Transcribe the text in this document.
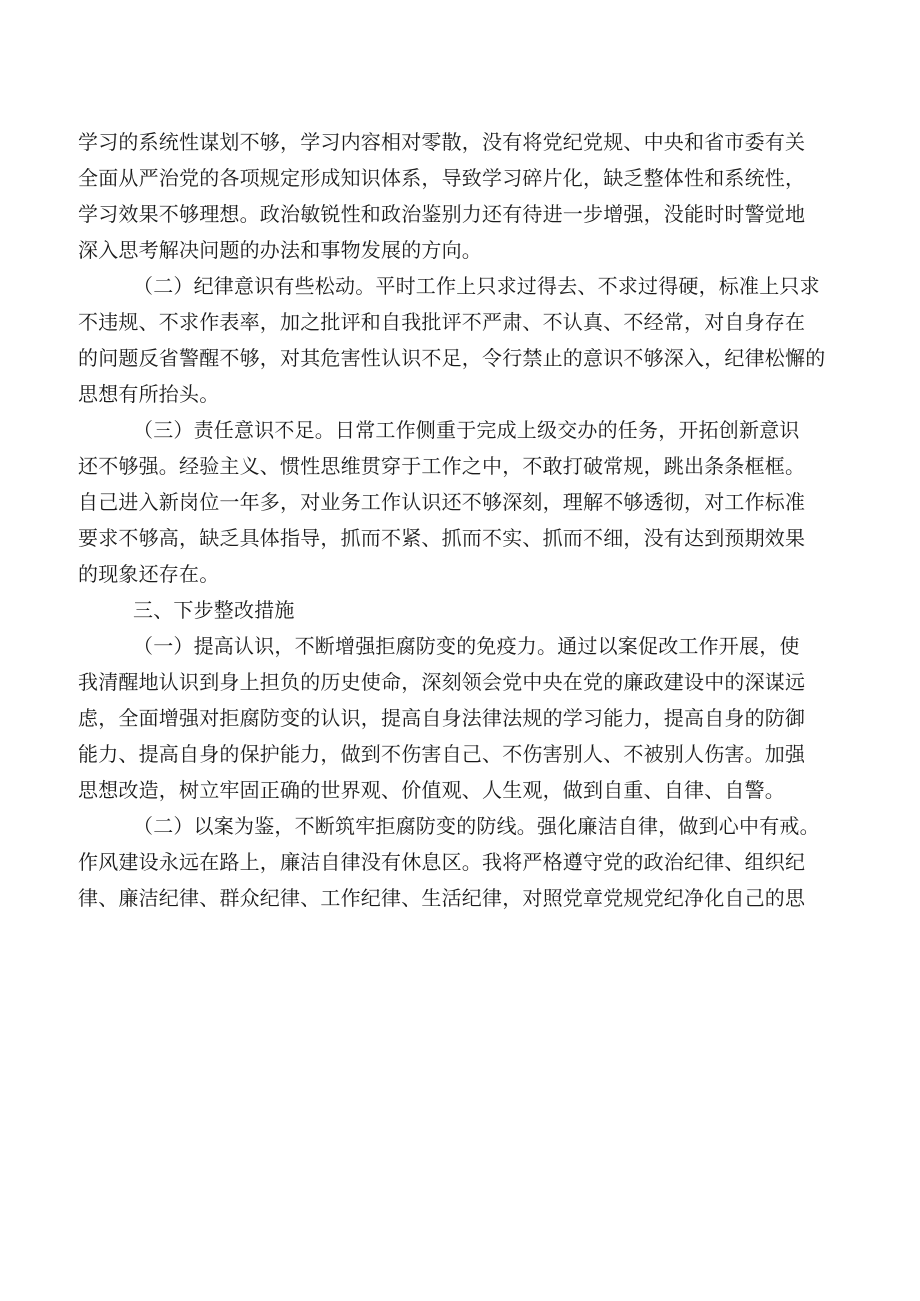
学习的系统性谋划不够，学习内容相对零散，没有将党纪党规、中央和省市委有关
全面从严治党的各项规定形成知识体系，导致学习碎片化，缺乏整体性和系统性，
学习效果不够理想。政治敏锐性和政治鉴别力还有待进一步增强，没能时时警觉地
深入思考解决问题的办法和事物发展的方向。

（二）纪律意识有些松动。平时工作上只求过得去、不求过得硬，标准上只求
不违规、不求作表率，加之批评和自我批评不严肃、不认真、不经常，对自身存在
的问题反省警醒不够，对其危害性认识不足，令行禁止的意识不够深入，纪律松懈的
思想有所抬头。

（三）责任意识不足。日常工作侧重于完成上级交办的任务，开拓创新意识
还不够强。经验主义、惯性思维贯穿于工作之中，不敢打破常规，跳出条条框框。
自己进入新岗位一年多，对业务工作认识还不够深刻，理解不够透彻，对工作标准
要求不够高，缺乏具体指导，抓而不紧、抓而不实、抓而不细，没有达到预期效果
的现象还存在。

三、下步整改措施

（一）提高认识，不断增强拒腐防变的免疫力。通过以案促改工作开展，使
我清醒地认识到身上担负的历史使命，深刻领会党中央在党的廉政建设中的深谋远
虑，全面增强对拒腐防变的认识，提高自身法律法规的学习能力，提高自身的防御
能力、提高自身的保护能力，做到不伤害自己、不伤害别人、不被别人伤害。加强
思想改造，树立牢固正确的世界观、价值观、人生观，做到自重、自律、自警。

（二）以案为鉴，不断筑牢拒腐防变的防线。强化廉洁自律，做到心中有戒。
作风建设永远在路上，廉洁自律没有休息区。我将严格遵守党的政治纪律、组织纪
律、廉洁纪律、群众纪律、工作纪律、生活纪律，对照党章党规党纪净化自己的思
